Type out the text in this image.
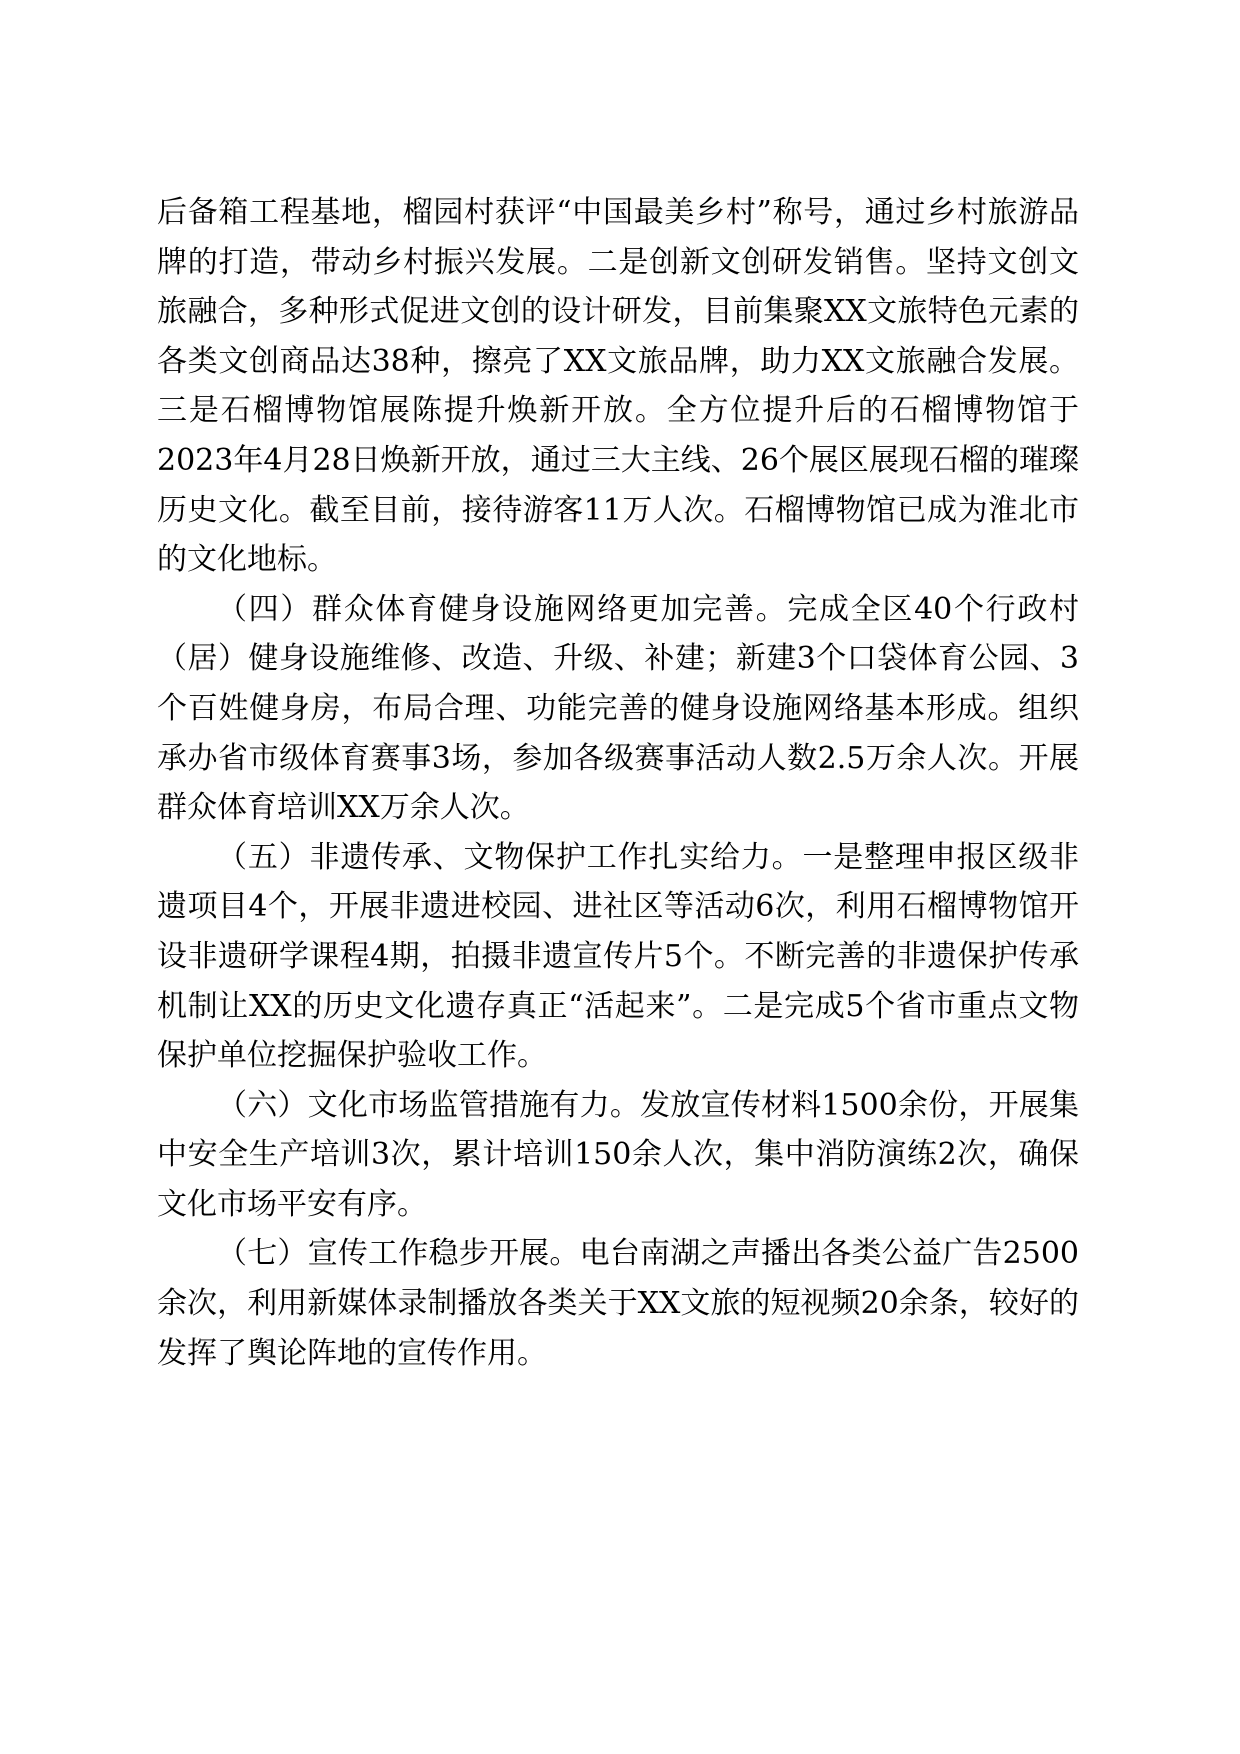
后备箱工程基地，榴园村获评“中国最美乡村”称号，通过乡村旅游品牌的打造，带动乡村振兴发展。二是创新文创研发销售。坚持文创文旅融合，多种形式促进文创的设计研发，目前集聚XX文旅特色元素的各类文创商品达38种，擦亮了XX文旅品牌，助力XX文旅融合发展。三是石榴博物馆展陈提升焕新开放。全方位提升后的石榴博物馆于2023年4月28日焕新开放，通过三大主线、26个展区展现石榴的璀璨历史文化。截至目前，接待游客11万人次。石榴博物馆已成为淮北市的文化地标。

（四）群众体育健身设施网络更加完善。完成全区40个行政村（居）健身设施维修、改造、升级、补建；新建3个口袋体育公园、3个百姓健身房，布局合理、功能完善的健身设施网络基本形成。组织承办省市级体育赛事3场，参加各级赛事活动人数2.5万余人次。开展群众体育培训XX万余人次。

（五）非遗传承、文物保护工作扎实给力。一是整理申报区级非遗项目4个，开展非遗进校园、进社区等活动6次，利用石榴博物馆开设非遗研学课程4期，拍摄非遗宣传片5个。不断完善的非遗保护传承机制让XX的历史文化遗存真正“活起来”。二是完成5个省市重点文物保护单位挖掘保护验收工作。

（六）文化市场监管措施有力。发放宣传材料1500余份，开展集中安全生产培训3次，累计培训150余人次，集中消防演练2次，确保文化市场平安有序。

（七）宣传工作稳步开展。电台南湖之声播出各类公益广告2500余次，利用新媒体录制播放各类关于XX文旅的短视频20余条，较好的发挥了舆论阵地的宣传作用。
